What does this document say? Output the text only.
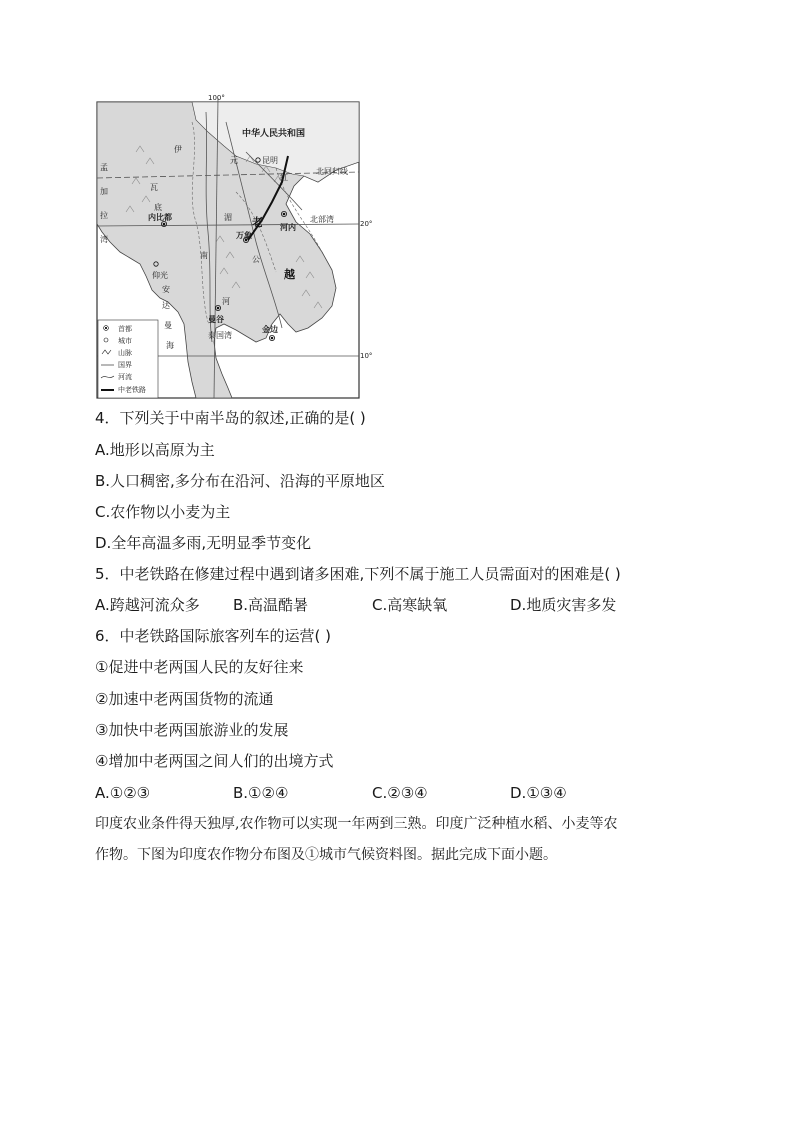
100°
20°
10°
北回归线
中华人民共和国
昆明
内比都
河内
万象
仰光
曼谷
金边
孟
加
拉
湾
北部湾
泰国湾
安
达
曼
海
元
红
瓦
底
伊
湄
公
南
河
老
越
首都
城市
山脉
国界
河流
中老铁路
4．下列关于中南半岛的叙述,正确的是( )
A.地形以高原为主
B.人口稠密,多分布在沿河、沿海的平原地区
C.农作物以小麦为主
D.全年高温多雨,无明显季节变化
5．中老铁路在修建过程中遇到诸多困难,下列不属于施工人员需面对的困难是( )
A.跨越河流众多 B.高温酷暑	C.高寒缺氧	D.地质灾害多发
6．中老铁路国际旅客列车的运营( )
①促进中老两国人民的友好往来
②加速中老两国货物的流通
③加快中老两国旅游业的发展
④增加中老两国之间人们的出境方式
A.①②③	B.①②④	C.②③④	D.①③④
印度农业条件得天独厚,农作物可以实现一年两到三熟。印度广泛种植水稻、小麦等农
作物。下图为印度农作物分布图及①城市气候资料图。据此完成下面小题。
